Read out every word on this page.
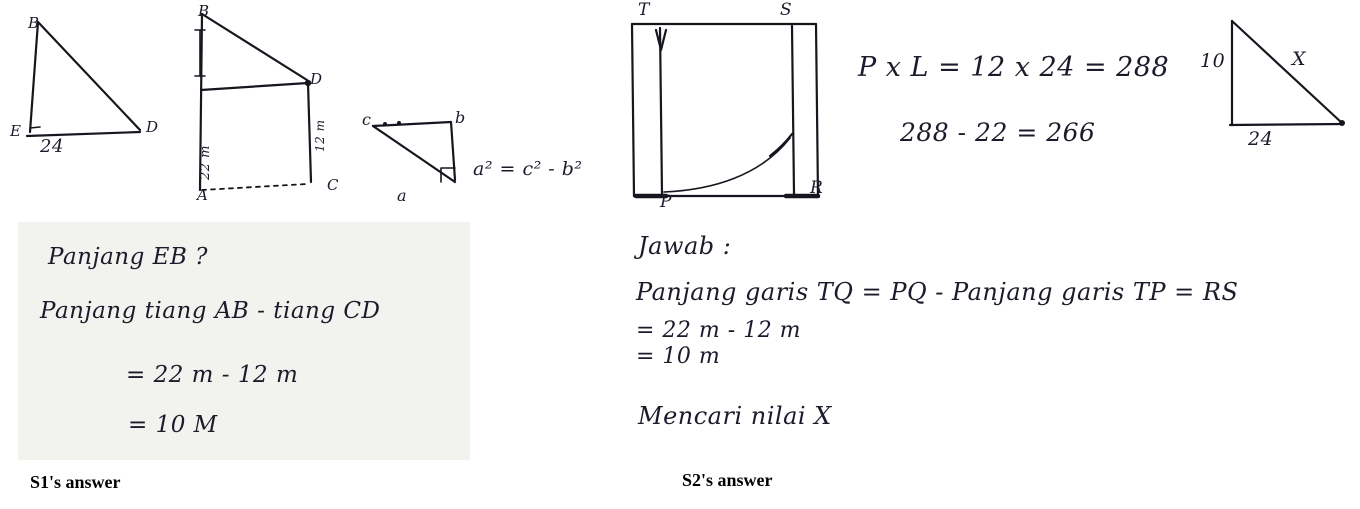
B
E	D
24
B
D
A
C
22 m
12 m
c	b
a
a² = c² - b²
Panjang EB ?
Panjang tiang AB - tiang CD
= 22 m - 12 m
= 10 M
S1's answer
T	S
P
R
P x L = 12 x 24 = 288
288 - 22 = 266
10	X
24
Jawab :
Panjang garis TQ = PQ - Panjang garis TP = RS
= 22 m - 12 m
= 10 m
Mencari nilai X
S2's answer
